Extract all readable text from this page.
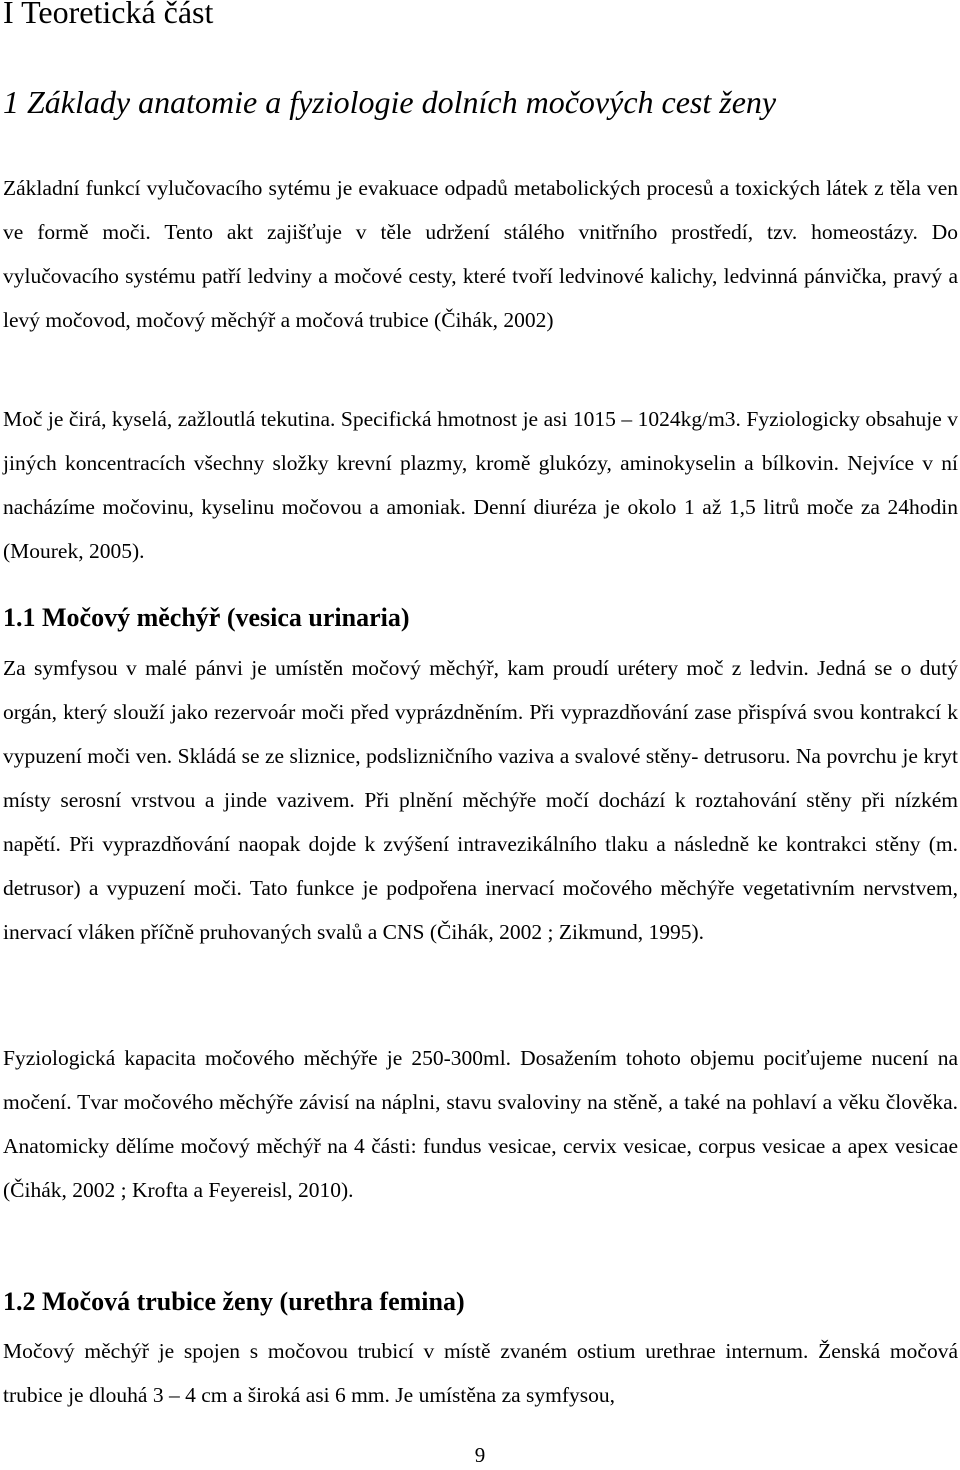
I Teoretická část
1 Základy anatomie a fyziologie dolních močových cest ženy

Základní funkcí vylučovacího sytému je evakuace odpadů metabolických procesů a toxických látek z těla ven ve formě moči. Tento akt zajišťuje v těle udržení stálého vnitřního prostředí, tzv. homeostázy. Do vylučovacího systému patří ledviny a močové cesty, které tvoří ledvinové kalichy, ledvinná pánvička, pravý a levý močovod, močový měchýř a močová trubice (Čihák, 2002)

Moč je čirá, kyselá, zažloutlá tekutina. Specifická hmotnost je asi 1015 – 1024kg/m3. Fyziologicky obsahuje v jiných koncentracích všechny složky krevní plazmy, kromě glukózy, aminokyselin a bílkovin. Nejvíce v ní nacházíme močovinu, kyselinu močovou a amoniak. Denní diuréza je okolo 1 až 1,5 litrů moče za 24hodin (Mourek, 2005).

1.1 Močový měchýř (vesica urinaria)

Za symfysou v malé pánvi je umístěn močový měchýř, kam proudí urétery moč z ledvin. Jedná se o dutý orgán, který slouží jako rezervoár moči před vyprázdněním. Při vyprazdňování zase přispívá svou kontrakcí k vypuzení moči ven. Skládá se ze sliznice, podslizničního vaziva a svalové stěny- detrusoru. Na povrchu je kryt místy serosní vrstvou a jinde vazivem. Při plnění měchýře močí dochází k roztahování stěny při nízkém napětí. Při vyprazdňování naopak dojde k zvýšení intravezikálního tlaku a následně ke kontrakci stěny (m. detrusor) a vypuzení moči. Tato funkce je podpořena inervací močového měchýře vegetativním nervstvem, inervací vláken příčně pruhovaných svalů a CNS (Čihák, 2002 ; Zikmund, 1995).

Fyziologická kapacita močového měchýře je 250-300ml. Dosažením tohoto objemu pociťujeme nucení na močení. Tvar močového měchýře závisí na náplni, stavu svaloviny na stěně, a také na pohlaví a věku člověka. Anatomicky dělíme močový měchýř na 4 části: fundus vesicae, cervix vesicae, corpus vesicae a apex vesicae (Čihák, 2002 ; Krofta a Feyereisl, 2010).

1.2 Močová trubice ženy (urethra femina)

Močový měchýř je spojen s močovou trubicí v místě zvaném ostium urethrae internum. Ženská močová trubice je dlouhá 3 – 4 cm a široká asi 6 mm. Je umístěna za symfysou,

9
